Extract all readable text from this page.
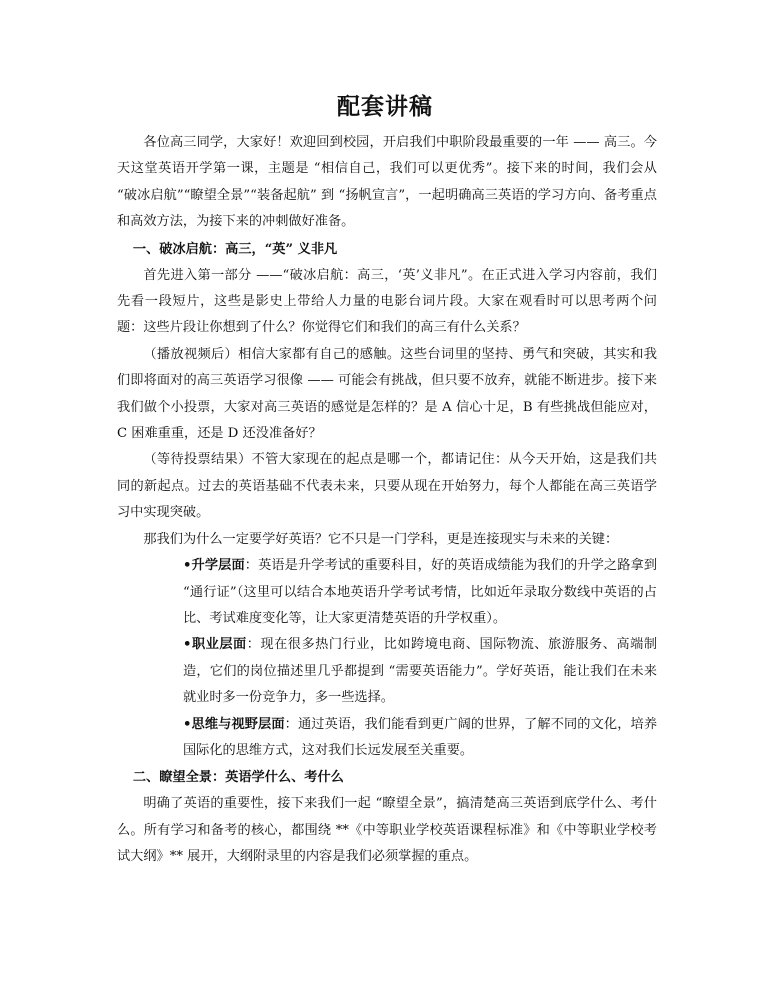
配套讲稿

各位高三同学，大家好！欢迎回到校园，开启我们中职阶段最重要的一年 —— 高三。今天这堂英语开学第一课，主题是 “相信自己，我们可以更优秀”。接下来的时间，我们会从 “破冰启航”“瞭望全景”“装备起航” 到 “扬帆宣言”，一起明确高三英语的学习方向、备考重点和高效方法，为接下来的冲刺做好准备。

一、破冰启航：高三，“英” 义非凡

首先进入第一部分 ——“破冰启航：高三，‘英’义非凡”。在正式进入学习内容前，我们先看一段短片，这些是影史上带给人力量的电影台词片段。大家在观看时可以思考两个问题：这些片段让你想到了什么？你觉得它们和我们的高三有什么关系？

（播放视频后）相信大家都有自己的感触。这些台词里的坚持、勇气和突破，其实和我们即将面对的高三英语学习很像 —— 可能会有挑战，但只要不放弃，就能不断进步。接下来我们做个小投票，大家对高三英语的感觉是怎样的？是 A 信心十足，B 有些挑战但能应对，C 困难重重，还是 D 还没准备好？

（等待投票结果）不管大家现在的起点是哪一个，都请记住：从今天开始，这是我们共同的新起点。过去的英语基础不代表未来，只要从现在开始努力，每个人都能在高三英语学习中实现突破。

那我们为什么一定要学好英语？它不只是一门学科，更是连接现实与未来的关键：

•升学层面：英语是升学考试的重要科目，好的英语成绩能为我们的升学之路拿到 “通行证”（这里可以结合本地英语升学考试考情，比如近年录取分数线中英语的占比、考试难度变化等，让大家更清楚英语的升学权重）。
•职业层面：现在很多热门行业，比如跨境电商、国际物流、旅游服务、高端制造，它们的岗位描述里几乎都提到 “需要英语能力”。学好英语，能让我们在未来就业时多一份竞争力，多一些选择。
•思维与视野层面：通过英语，我们能看到更广阔的世界，了解不同的文化，培养国际化的思维方式，这对我们长远发展至关重要。
二、瞭望全景：英语学什么、考什么

明确了英语的重要性，接下来我们一起 “瞭望全景”，搞清楚高三英语到底学什么、考什么。所有学习和备考的核心，都围绕 **《中等职业学校英语课程标准》和《中等职业学校考试大纲》** 展开，大纲附录里的内容是我们必须掌握的重点。
